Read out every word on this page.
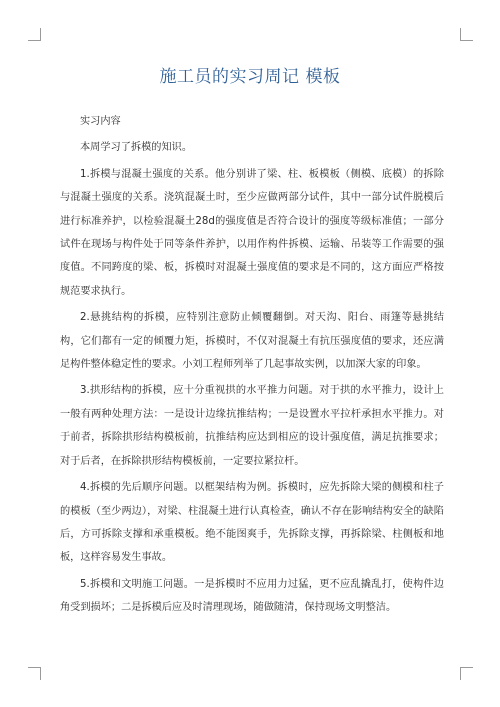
施工员的实习周记 模板

实习内容

本周学习了拆模的知识。

1.拆模与混凝土强度的关系。他分别讲了梁、柱、板模板（侧模、底模）的拆除与混凝土强度的关系。浇筑混凝土时，至少应做两部分试件，其中一部分试件脱模后进行标准养护，以检验混凝土28d的强度值是否符合设计的强度等级标准值；一部分试件在现场与构件处于同等条件养护，以用作构件拆模、运输、吊装等工作需要的强度值。不同跨度的梁、板，拆模时对混凝土强度值的要求是不同的，这方面应严格按规范要求执行。

2.悬挑结构的拆模，应特别注意防止倾覆翻倒。对天沟、阳台、雨篷等悬挑结构，它们都有一定的倾覆力矩，拆模时，不仅对混凝土有抗压强度值的要求，还应满足构件整体稳定性的要求。小刘工程师列举了几起事故实例，以加深大家的印象。

3.拱形结构的拆模，应十分重视拱的水平推力问题。对于拱的水平推力，设计上一般有两种处理方法：一是设计边缘抗推结构；一是设置水平拉杆承担水平推力。对于前者，拆除拱形结构模板前，抗推结构应达到相应的设计强度值，满足抗推要求；对于后者，在拆除拱形结构模板前，一定要拉紧拉杆。

4.拆模的先后顺序问题。以框架结构为例。拆模时，应先拆除大梁的侧模和柱子的模板（至少两边），对梁、柱混凝土进行认真检查，确认不存在影响结构安全的缺陷后，方可拆除支撑和承重模板。绝不能图爽手，先拆除支撑，再拆除梁、柱侧板和地板，这样容易发生事故。

5.拆模和文明施工问题。一是拆模时不应用力过猛，更不应乱撬乱打，使构件边角受到损坏；二是拆模后应及时清理现场，随做随清，保持现场文明整洁。
